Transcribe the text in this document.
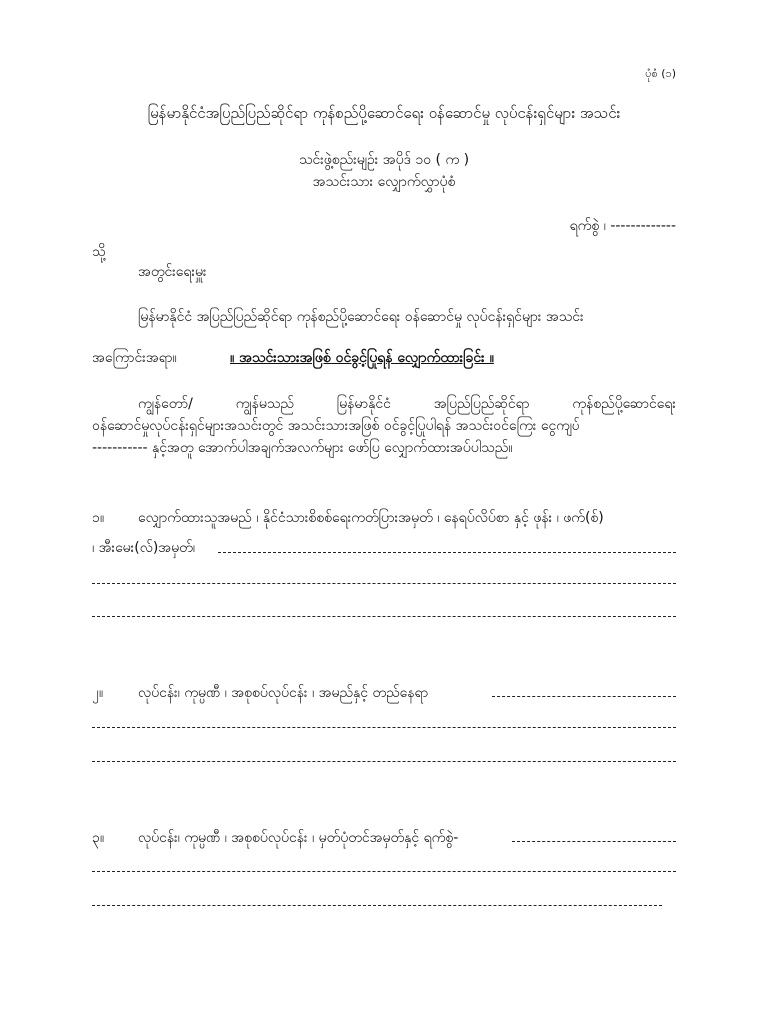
ပုံစံ (၁)
မြန်မာနိုင်ငံအပြည်ပြည်ဆိုင်ရာ ကုန်စည်ပို့ဆောင်ရေး ဝန်ဆောင်မှု လုပ်ငန်းရှင်များ အသင်း
သင်းဖွဲ့စည်းမျဉ်း အပိုဒ် ၁၀ ( က )
အသင်းသား လျှောက်လွှာပုံစံ
ရက်စွဲ ၊ -------------
သို့
အတွင်းရေးမှူး
မြန်မာနိုင်ငံ အပြည်ပြည်ဆိုင်ရာ ကုန်စည်ပို့ဆောင်ရေး ဝန်ဆောင်မှု လုပ်ငန်းရှင်များ အသင်း
အကြောင်းအရာ။	။ အသင်းသားအဖြစ် ဝင်ခွင့်ပြုရန် လျှောက်ထားခြင်း ။
ကျွန်တော်/	ကျွန်မသည်	မြန်မာနိုင်ငံ	အပြည်ပြည်ဆိုင်ရာ	ကုန်စည်ပို့ဆောင်ရေး
ဝန်ဆောင်မှုလုပ်ငန်းရှင်များအသင်းတွင် အသင်းသားအဖြစ် ဝင်ခွင့်ပြုပါရန် အသင်းဝင်ကြေး ငွေကျပ်
----------- နှင့်အတူ အောက်ပါအချက်အလက်များ ဖော်ပြ လျှောက်ထားအပ်ပါသည်။
၁။ လျှောက်ထားသူအမည် ၊ နိုင်ငံသားစိစစ်ရေးကတ်ပြားအမှတ် ၊ နေရပ်လိပ်စာ နှင့် ဖုန်း ၊ ဖက်(စ်)
၊ အီးမေး(လ်)အမှတ်၊
၂။ လုပ်ငန်း၊ ကုမ္ပဏီ ၊ အစုစပ်လုပ်ငန်း ၊ အမည်နှင့် တည်နေရာ
၃။ လုပ်ငန်း၊ ကုမ္ပဏီ ၊ အစုစပ်လုပ်ငန်း ၊ မှတ်ပုံတင်အမှတ်နှင့် ရက်စွဲ-
